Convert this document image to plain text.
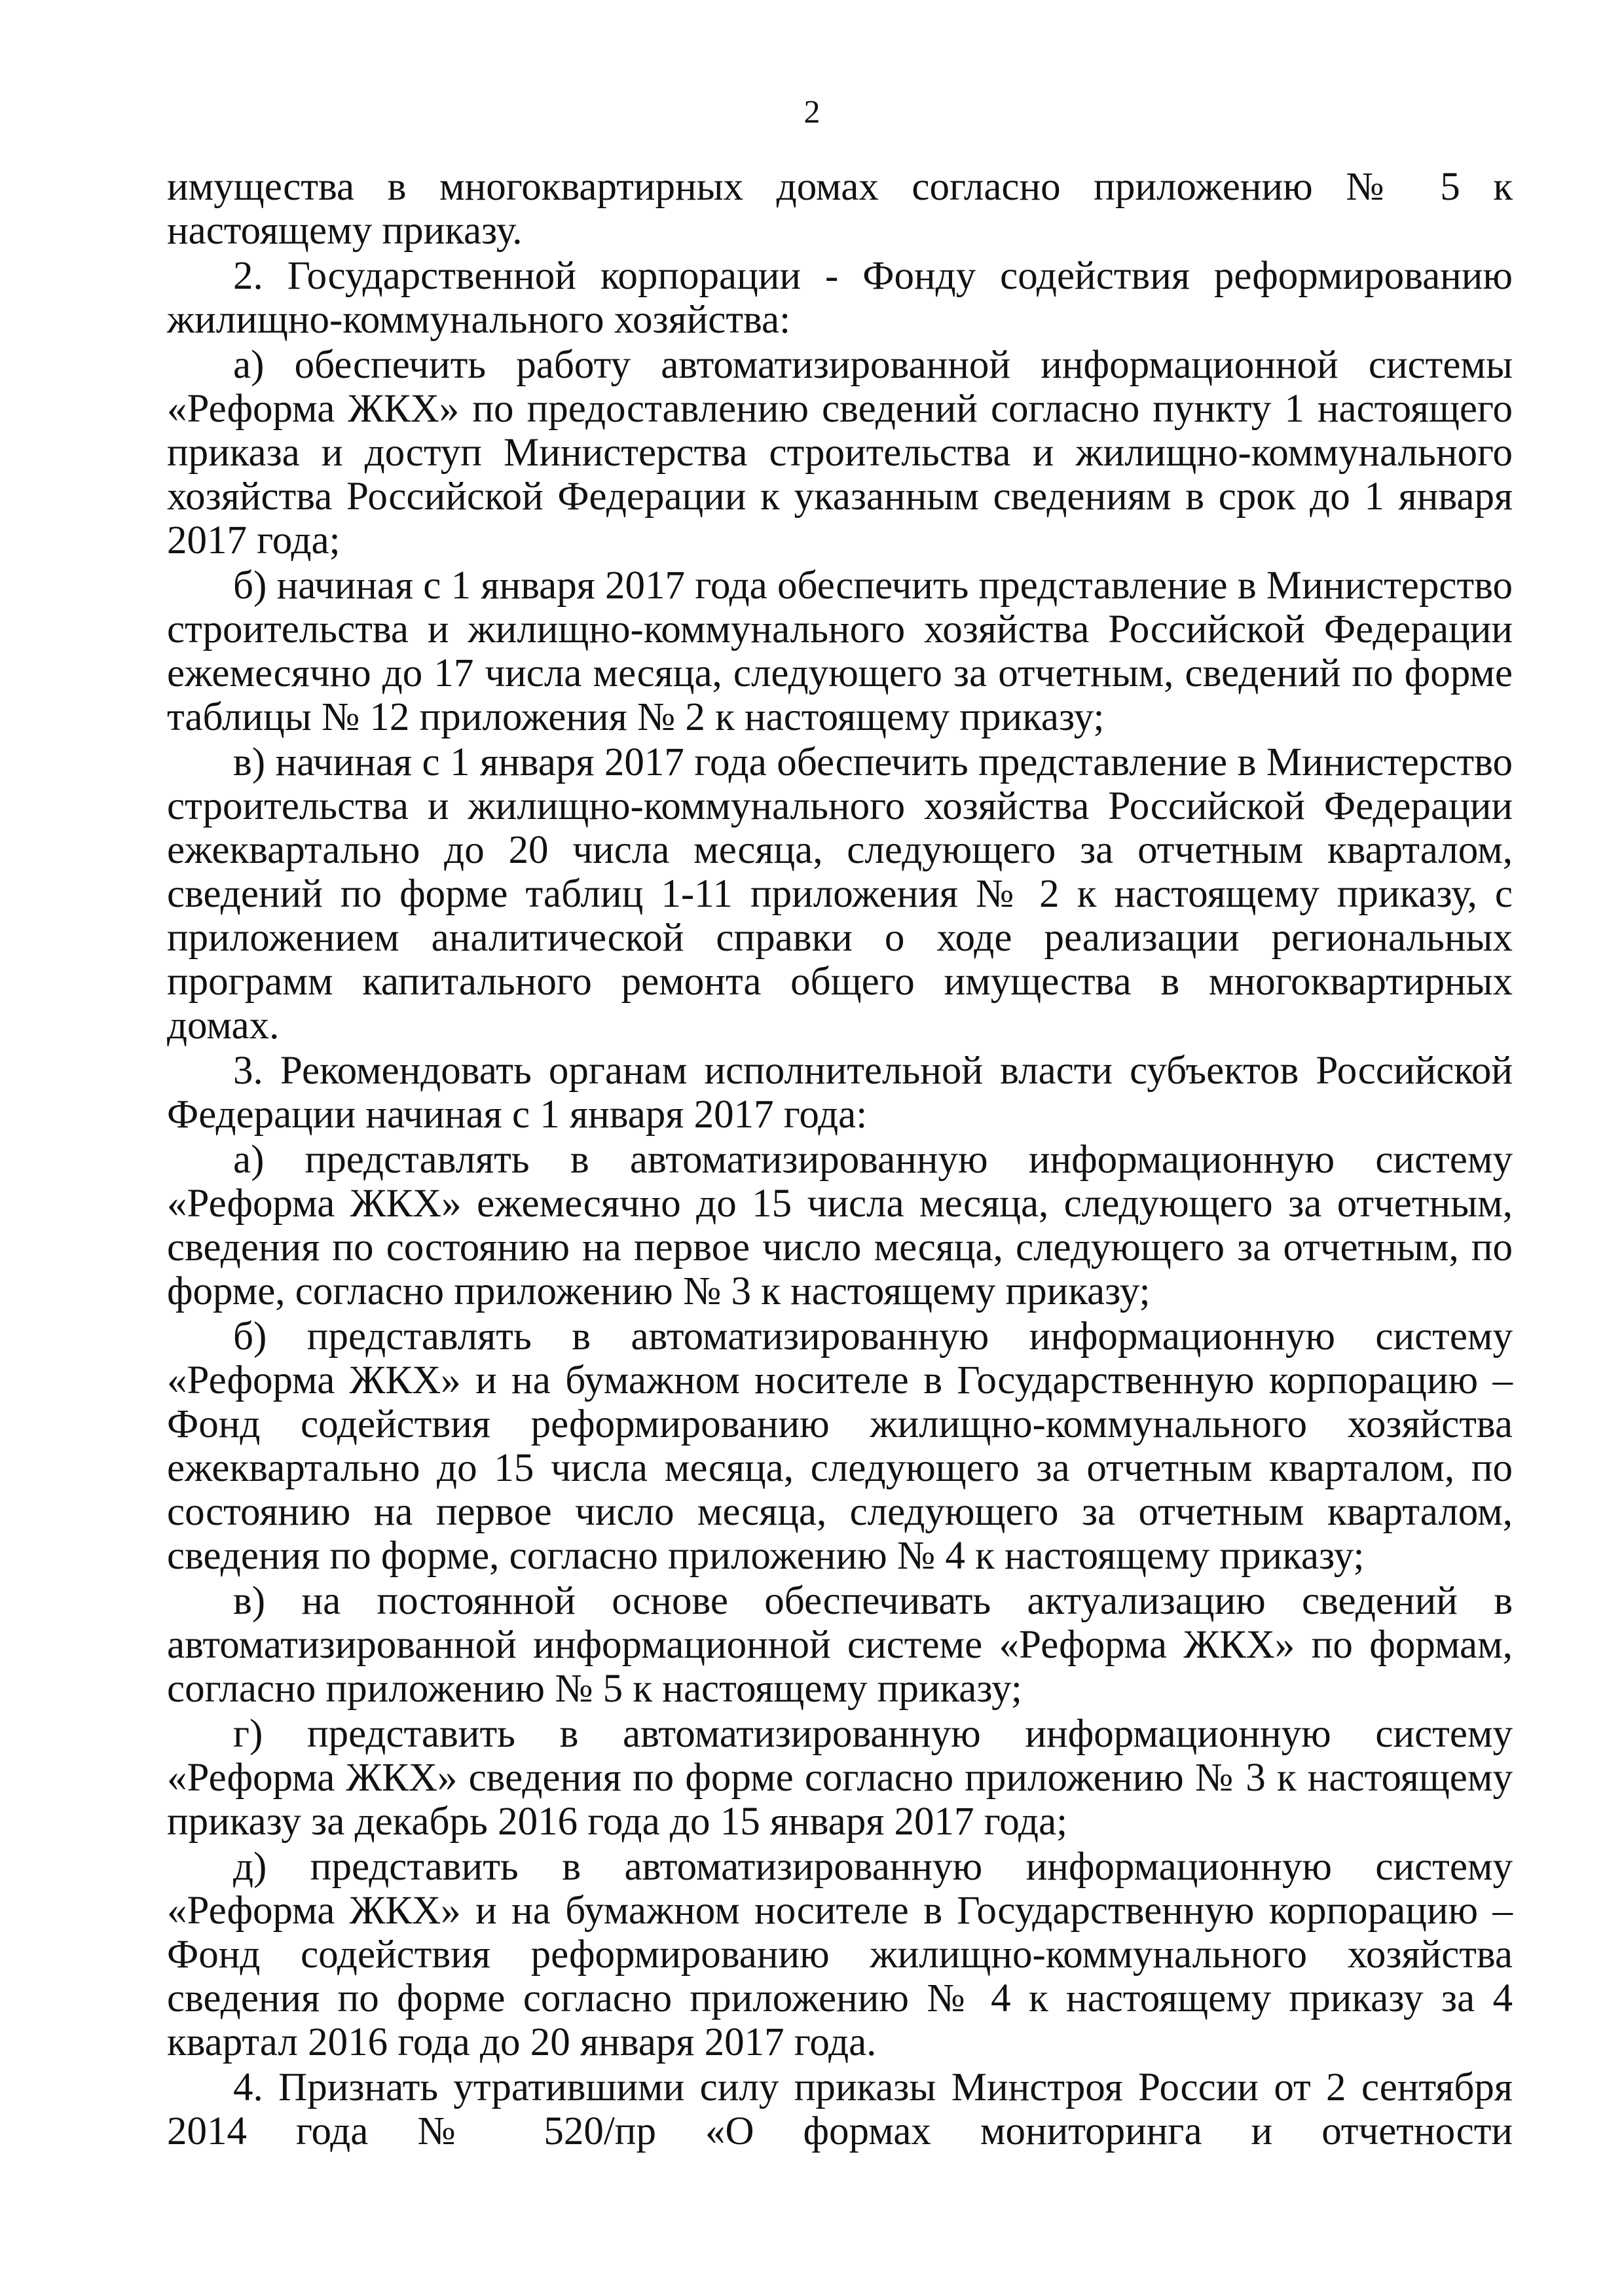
2

имущества в многоквартирных домах согласно приложению № 5 к настоящему приказу.

2. Государственной корпорации - Фонду содействия реформированию жилищно-коммунального хозяйства:

а) обеспечить работу автоматизированной информационной системы «Реформа ЖКХ» по предоставлению сведений согласно пункту 1 настоящего приказа и доступ Министерства строительства и жилищно-коммунального хозяйства Российской Федерации к указанным сведениям в срок до 1 января 2017 года;

б) начиная с 1 января 2017 года обеспечить представление в Министерство строительства и жилищно-коммунального хозяйства Российской Федерации ежемесячно до 17 числа месяца, следующего за отчетным, сведений по форме таблицы № 12 приложения № 2 к настоящему приказу;

в) начиная с 1 января 2017 года обеспечить представление в Министерство строительства и жилищно-коммунального хозяйства Российской Федерации ежеквартально до 20 числа месяца, следующего за отчетным кварталом, сведений по форме таблиц 1-11 приложения № 2 к настоящему приказу, с приложением аналитической справки о ходе реализации региональных программ капитального ремонта общего имущества в многоквартирных домах.

3. Рекомендовать органам исполнительной власти субъектов Российской Федерации начиная с 1 января 2017 года:

а) представлять в автоматизированную информационную систему «Реформа ЖКХ» ежемесячно до 15 числа месяца, следующего за отчетным, сведения по состоянию на первое число месяца, следующего за отчетным, по форме, согласно приложению № 3 к настоящему приказу;

б) представлять в автоматизированную информационную систему «Реформа ЖКХ» и на бумажном носителе в Государственную корпорацию – Фонд содействия реформированию жилищно-коммунального хозяйства ежеквартально до 15 числа месяца, следующего за отчетным кварталом, по состоянию на первое число месяца, следующего за отчетным кварталом, сведения по форме, согласно приложению № 4 к настоящему приказу;

в) на постоянной основе обеспечивать актуализацию сведений в автоматизированной информационной системе «Реформа ЖКХ» по формам, согласно приложению № 5 к настоящему приказу;

г) представить в автоматизированную информационную систему «Реформа ЖКХ» сведения по форме согласно приложению № 3 к настоящему приказу за декабрь 2016 года до 15 января 2017 года;

д) представить в автоматизированную информационную систему «Реформа ЖКХ» и на бумажном носителе в Государственную корпорацию – Фонд содействия реформированию жилищно-коммунального хозяйства сведения по форме согласно приложению № 4 к настоящему приказу за 4 квартал 2016 года до 20 января 2017 года.

4. Признать утратившими силу приказы Минстроя России от 2 сентября 2014 года № 520/пр «О формах мониторинга и отчетности
